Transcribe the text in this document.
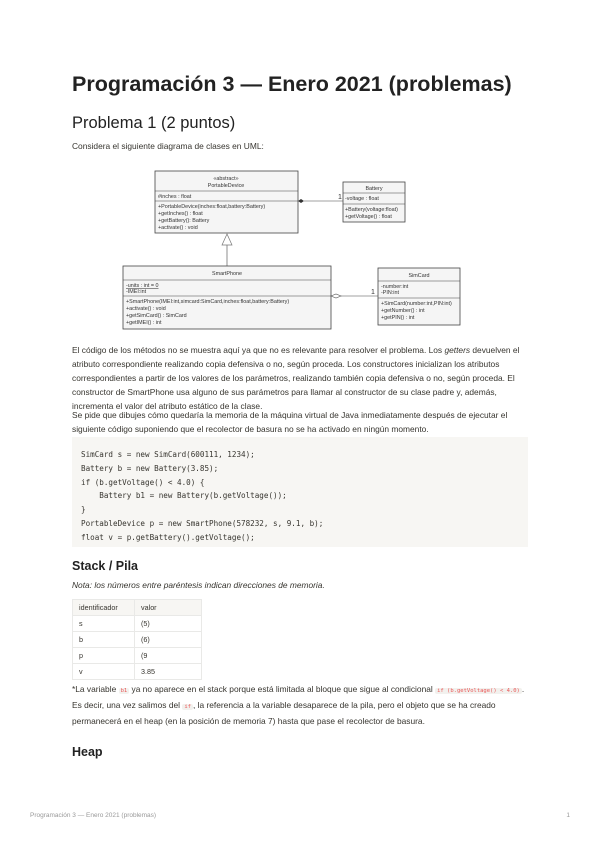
Programación 3 — Enero 2021 (problemas)
Problema 1 (2 puntos)

Considera el siguiente diagrama de clases en UML:

«abstract»
PortableDevice
#inches : float
+PortableDevice(inches:float,battery:Battery)
+getInches() : float
+getBattery(): Battery
+activate() : void
Battery
-voltage : float
+Battery(voltage:float)
+getVoltage() : float
1
SmartPhone
-units : int = 0
-IMEI:int
+SmartPhone(IMEI:int,simcard:SimCard,inches:float,battery:Battery)
+activate() : void
+getSimCard() : SimCard
+getIMEI() : int
SimCard
-number:int
-PIN:int
+SimCard(number:int,PIN:int)
+getNumber() : int
+getPIN() : int
1

El código de los métodos no se muestra aquí ya que no es relevante para resolver el problema. Los getters devuelven el atributo correspondiente realizando copia defensiva o no, según proceda. Los constructores inicializan los atributos correspondientes a partir de los valores de los parámetros, realizando también copia defensiva o no, según proceda. El constructor de SmartPhone usa alguno de sus parámetros para llamar al constructor de su clase padre y, además, incrementa el valor del atributo estático de la clase.

Se pide que dibujes cómo quedaría la memoria de la máquina virtual de Java inmediatamente después de ejecutar el siguiente código suponiendo que el recolector de basura no se ha activado en ningún momento.

SimCard s = new SimCard(600111, 1234);
Battery b = new Battery(3.85);
if (b.getVoltage() < 4.0) {
Battery b1 = new Battery(b.getVoltage());
}
PortableDevice p = new SmartPhone(578232, s, 9.1, b);
float v = p.getBattery().getVoltage();
Stack / Pila

Nota: los números entre paréntesis indican direcciones de memoria.

identificador	valor
s	(5)
b	(6)
p	(9
v	3.85

*La variable b1 ya no aparece en el stack porque está limitada al bloque que sigue al condicional if (b.getVoltage() < 4.0) . Es decir, una vez salimos del if , la referencia a la variable desaparece de la pila, pero el objeto que se ha creado permanecerá en el heap (en la posición de memoria 7) hasta que pase el recolector de basura.

Heap
Programación 3 — Enero 2021 (problemas)	1
